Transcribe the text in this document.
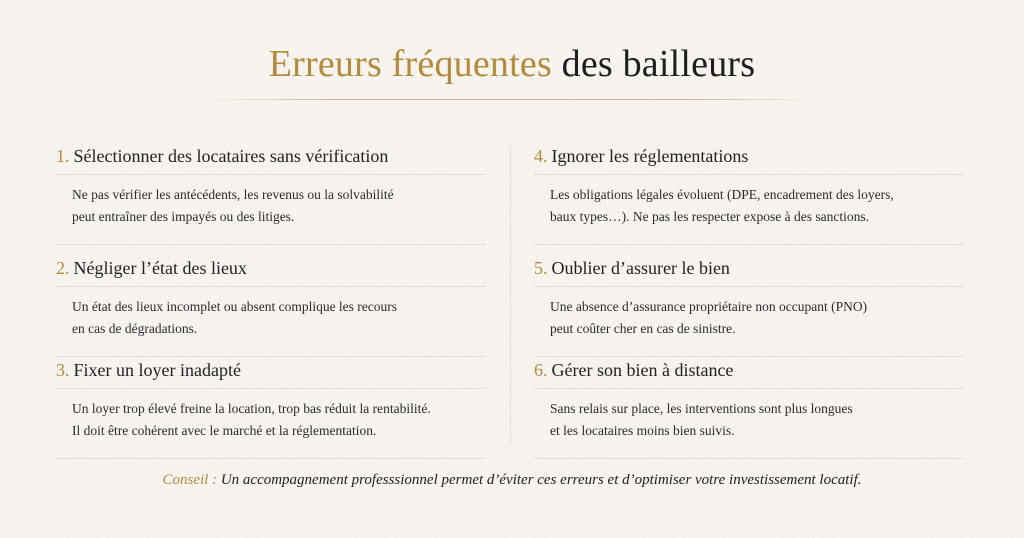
Erreurs fréquentes des bailleurs
1. Sélectionner des locataires sans vérification
Ne pas vérifier les antécédents, les revenus ou la solvabilité
peut entraîner des impayés ou des litiges.
2. Négliger l’état des lieux
Un état des lieux incomplet ou absent complique les recours
en cas de dégradations.
3. Fixer un loyer inadapté
Un loyer trop élevé freine la location, trop bas réduit la rentabilité.
Il doit être cohérent avec le marché et la réglementation.
4. Ignorer les réglementations
Les obligations légales évoluent (DPE, encadrement des loyers,
baux types…). Ne pas les respecter expose à des sanctions.
5. Oublier d’assurer le bien
Une absence d’assurance propriétaire non occupant (PNO)
peut coûter cher en cas de sinistre.
6. Gérer son bien à distance
Sans relais sur place, les interventions sont plus longues
et les locataires moins bien suivis.
Conseil : Un accompagnement professsionnel permet d’éviter ces erreurs et d’optimiser votre investissement locatif.
